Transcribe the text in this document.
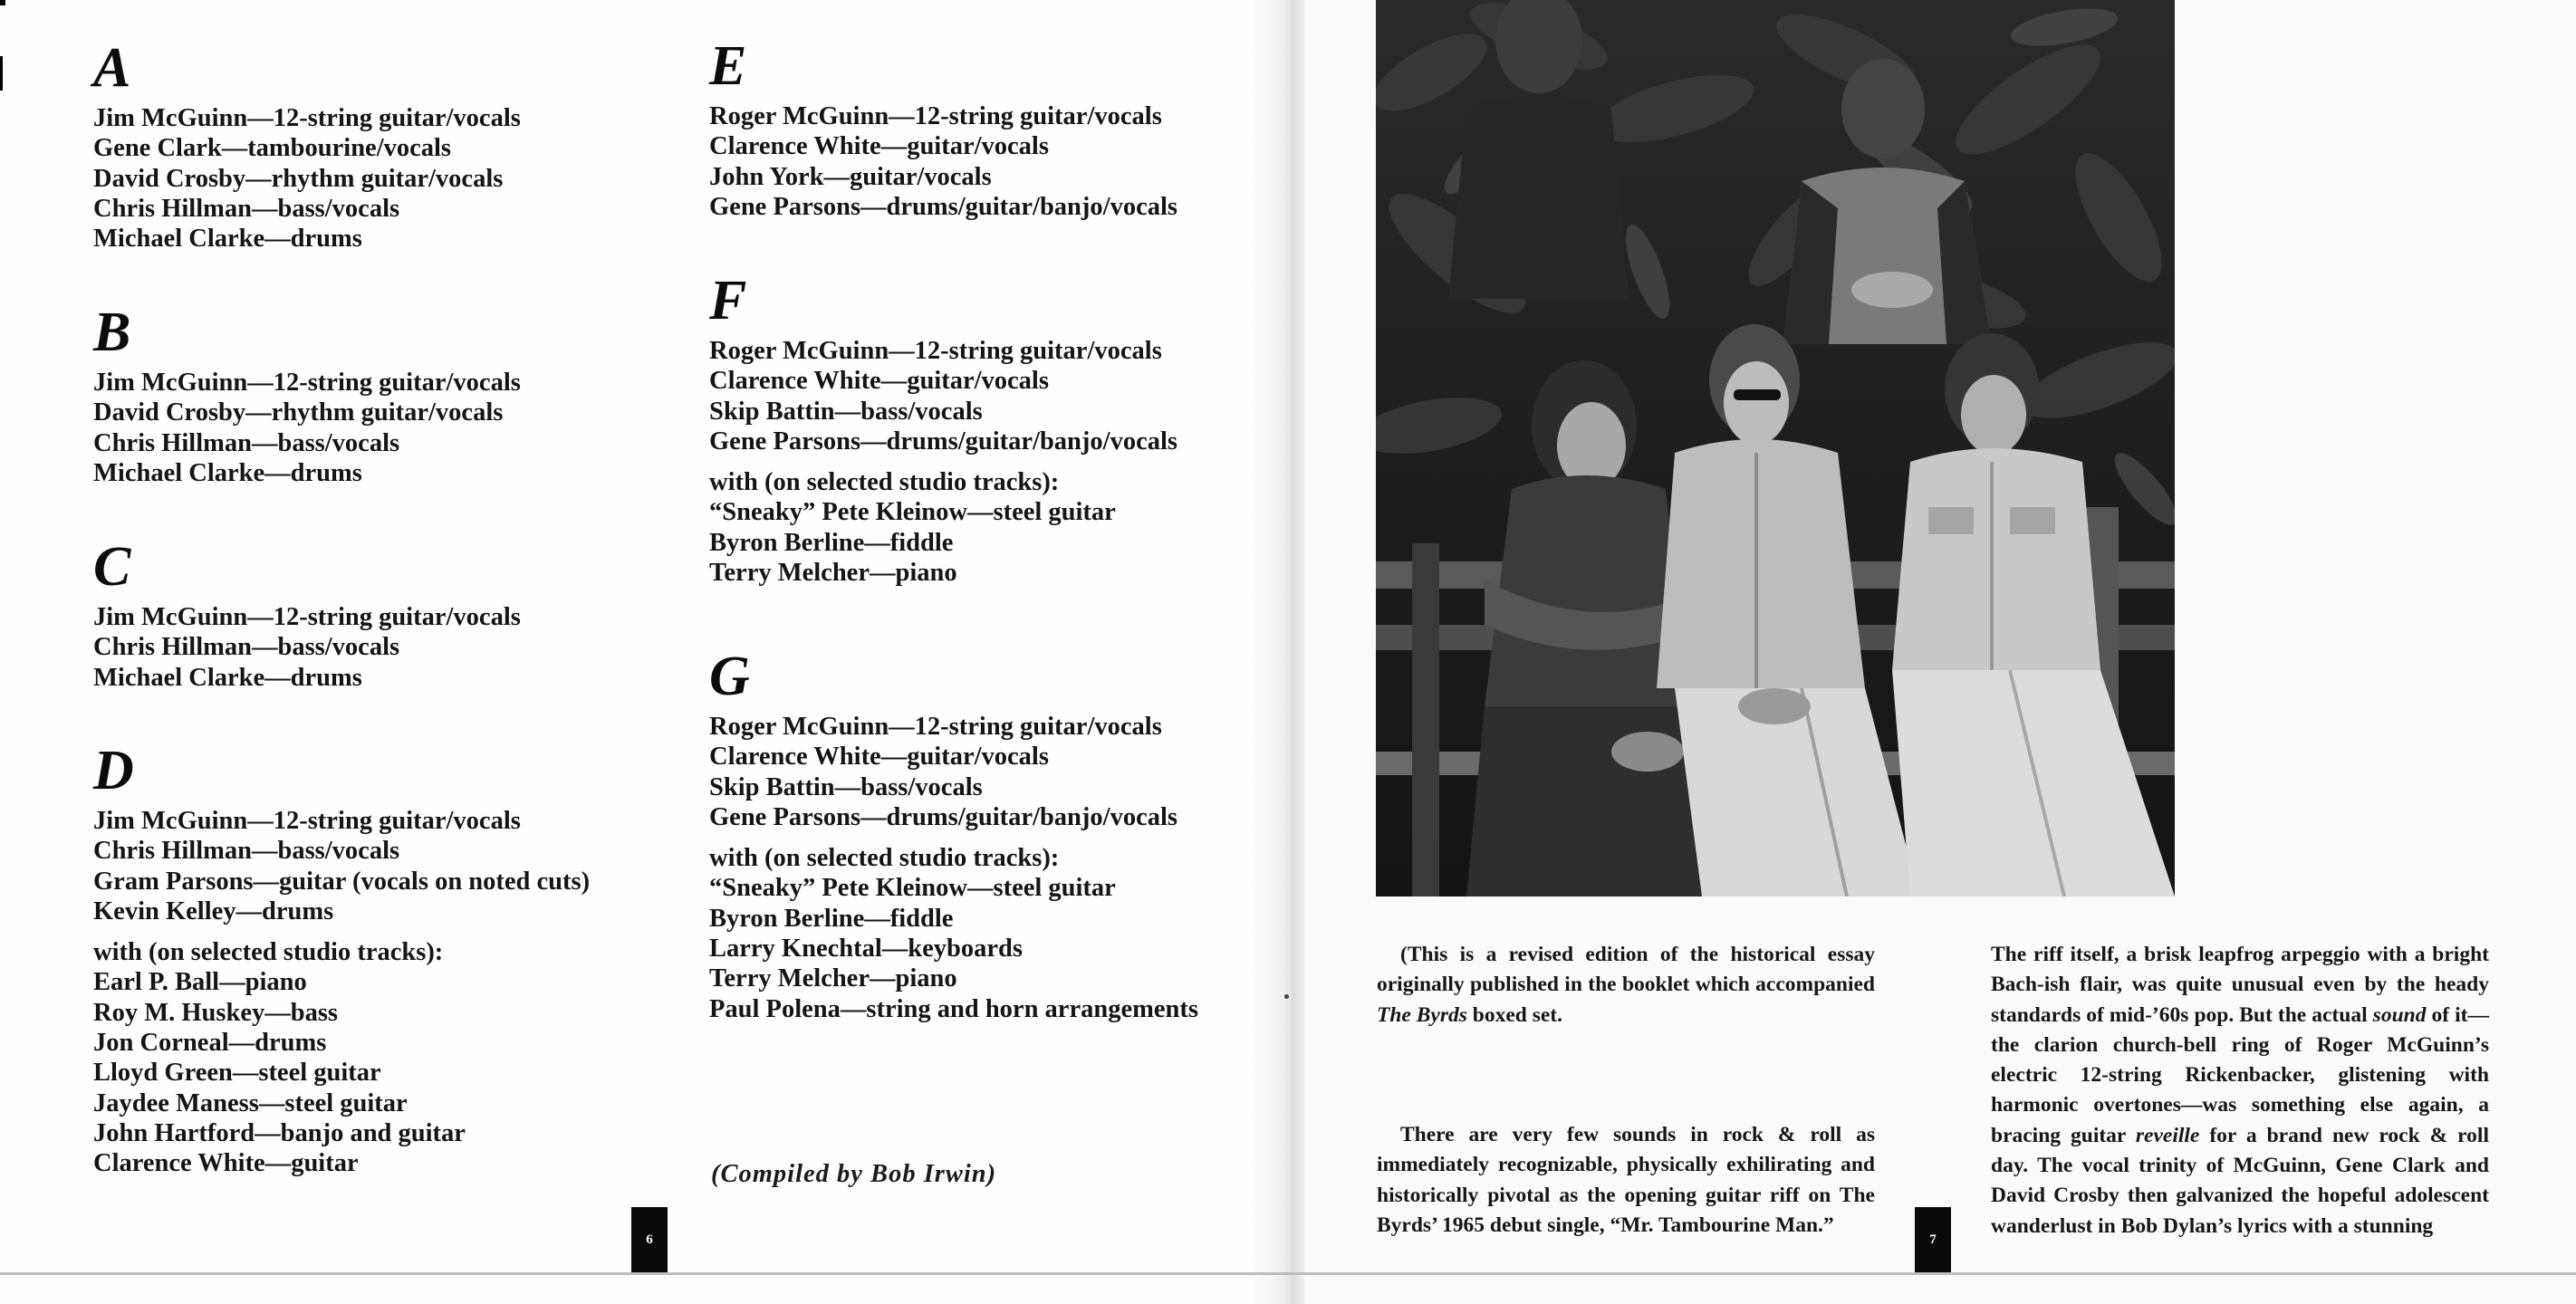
A
Jim McGuinn—12-string guitar/vocals
Gene Clark—tambourine/vocals
David Crosby—rhythm guitar/vocals
Chris Hillman—bass/vocals
Michael Clarke—drums
B
Jim McGuinn—12-string guitar/vocals
David Crosby—rhythm guitar/vocals
Chris Hillman—bass/vocals
Michael Clarke—drums
C
Jim McGuinn—12-string guitar/vocals
Chris Hillman—bass/vocals
Michael Clarke—drums
D
Jim McGuinn—12-string guitar/vocals
Chris Hillman—bass/vocals
Gram Parsons—guitar (vocals on noted cuts)
Kevin Kelley—drums
with (on selected studio tracks):
Earl P. Ball—piano
Roy M. Huskey—bass
Jon Corneal—drums
Lloyd Green—steel guitar
Jaydee Maness—steel guitar
John Hartford—banjo and guitar
Clarence White—guitar
E
Roger McGuinn—12-string guitar/vocals
Clarence White—guitar/vocals
John York—guitar/vocals
Gene Parsons—drums/guitar/banjo/vocals
F
Roger McGuinn—12-string guitar/vocals
Clarence White—guitar/vocals
Skip Battin—bass/vocals
Gene Parsons—drums/guitar/banjo/vocals
with (on selected studio tracks):
“Sneaky” Pete Kleinow—steel guitar
Byron Berline—fiddle
Terry Melcher—piano
G
Roger McGuinn—12-string guitar/vocals
Clarence White—guitar/vocals
Skip Battin—bass/vocals
Gene Parsons—drums/guitar/banjo/vocals
with (on selected studio tracks):
“Sneaky” Pete Kleinow—steel guitar
Byron Berline—fiddle
Larry Knechtal—keyboards
Terry Melcher—piano
Paul Polena—string and horn arrangements
(Compiled by Bob Irwin)
6

(This is a revised edition of the historical essay originally published in the booklet which accompanied The Byrds boxed set.

There are very few sounds in rock & roll as immediately recognizable, physically exhilirating and historically pivotal as the opening guitar riff on The Byrds’ 1965 debut single, “Mr. Tambourine Man.”

The riff itself, a brisk leapfrog arpeggio with a bright Bach-ish flair, was quite unusual even by the heady standards of mid-’60s pop. But the actual sound of it—the clarion church-bell ring of Roger McGuinn’s electric 12-string Rickenbacker, glistening with harmonic overtones—was something else again, a bracing guitar reveille for a brand new rock & roll day. The vocal trinity of McGuinn, Gene Clark and David Crosby then galvanized the hopeful adolescent wanderlust in Bob Dylan’s lyrics with a stunning

7
